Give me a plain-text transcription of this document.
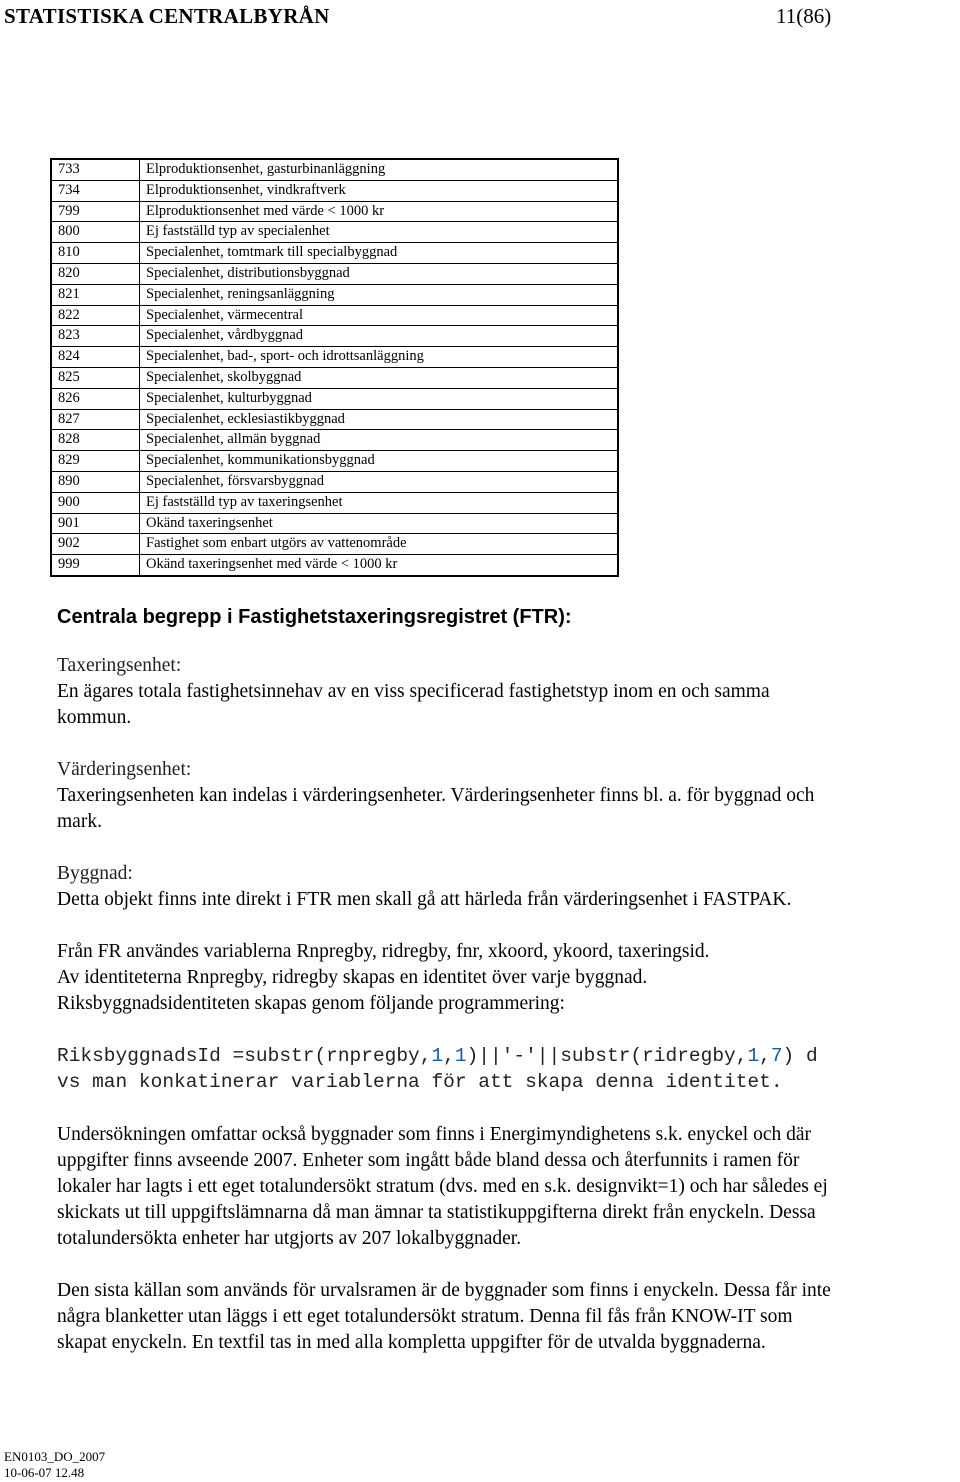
STATISTISKA CENTRALBYRÅN	11(86)
733	Elproduktionsenhet, gasturbinanläggning
734	Elproduktionsenhet, vindkraftverk
799	Elproduktionsenhet med värde < 1000 kr
800	Ej fastställd typ av specialenhet
810	Specialenhet, tomtmark till specialbyggnad
820	Specialenhet, distributionsbyggnad
821	Specialenhet, reningsanläggning
822	Specialenhet, värmecentral
823	Specialenhet, vårdbyggnad
824	Specialenhet, bad-, sport- och idrottsanläggning
825	Specialenhet, skolbyggnad
826	Specialenhet, kulturbyggnad
827	Specialenhet, ecklesiastikbyggnad
828	Specialenhet, allmän byggnad
829	Specialenhet, kommunikationsbyggnad
890	Specialenhet, försvarsbyggnad
900	Ej fastställd typ av taxeringsenhet
901	Okänd taxeringsenhet
902	Fastighet som enbart utgörs av vattenområde
999	Okänd taxeringsenhet med värde < 1000 kr
Centrala begrepp i Fastighetstaxeringsregistret (FTR):
Taxeringsenhet:
En ägares totala fastighetsinnehav av en viss specificerad fastighetstyp inom en och samma
kommun.
Värderingsenhet:
Taxeringsenheten kan indelas i värderingsenheter. Värderingsenheter finns bl. a. för byggnad och
mark.
Byggnad:
Detta objekt finns inte direkt i FTR men skall gå att härleda från värderingsenhet i FASTPAK.
Från FR användes variablerna Rnpregby, ridregby, fnr, xkoord, ykoord, taxeringsid.
Av identiteterna Rnpregby, ridregby skapas en identitet över varje byggnad.
Riksbyggnadsidentiteten skapas genom följande programmering:
RiksbyggnadsId =substr(rnpregby,1,1)||'-'||substr(ridregby,1,7) d
vs man konkatinerar variablerna för att skapa denna identitet.
Undersökningen omfattar också byggnader som finns i Energimyndighetens s.k. enyckel och där
uppgifter finns avseende 2007. Enheter som ingått både bland dessa och återfunnits i ramen för
lokaler har lagts i ett eget totalundersökt stratum (dvs. med en s.k. designvikt=1) och har således ej
skickats ut till uppgiftslämnarna då man ämnar ta statistikuppgifterna direkt från enyckeln. Dessa
totalundersökta enheter har utgjorts av 207 lokalbyggnader.
Den sista källan som används för urvalsramen är de byggnader som finns i enyckeln. Dessa får inte
några blanketter utan läggs i ett eget totalundersökt stratum. Denna fil fås från KNOW-IT som
skapat enyckeln. En textfil tas in med alla kompletta uppgifter för de utvalda byggnaderna.
EN0103_DO_2007
10-06-07 12.48
